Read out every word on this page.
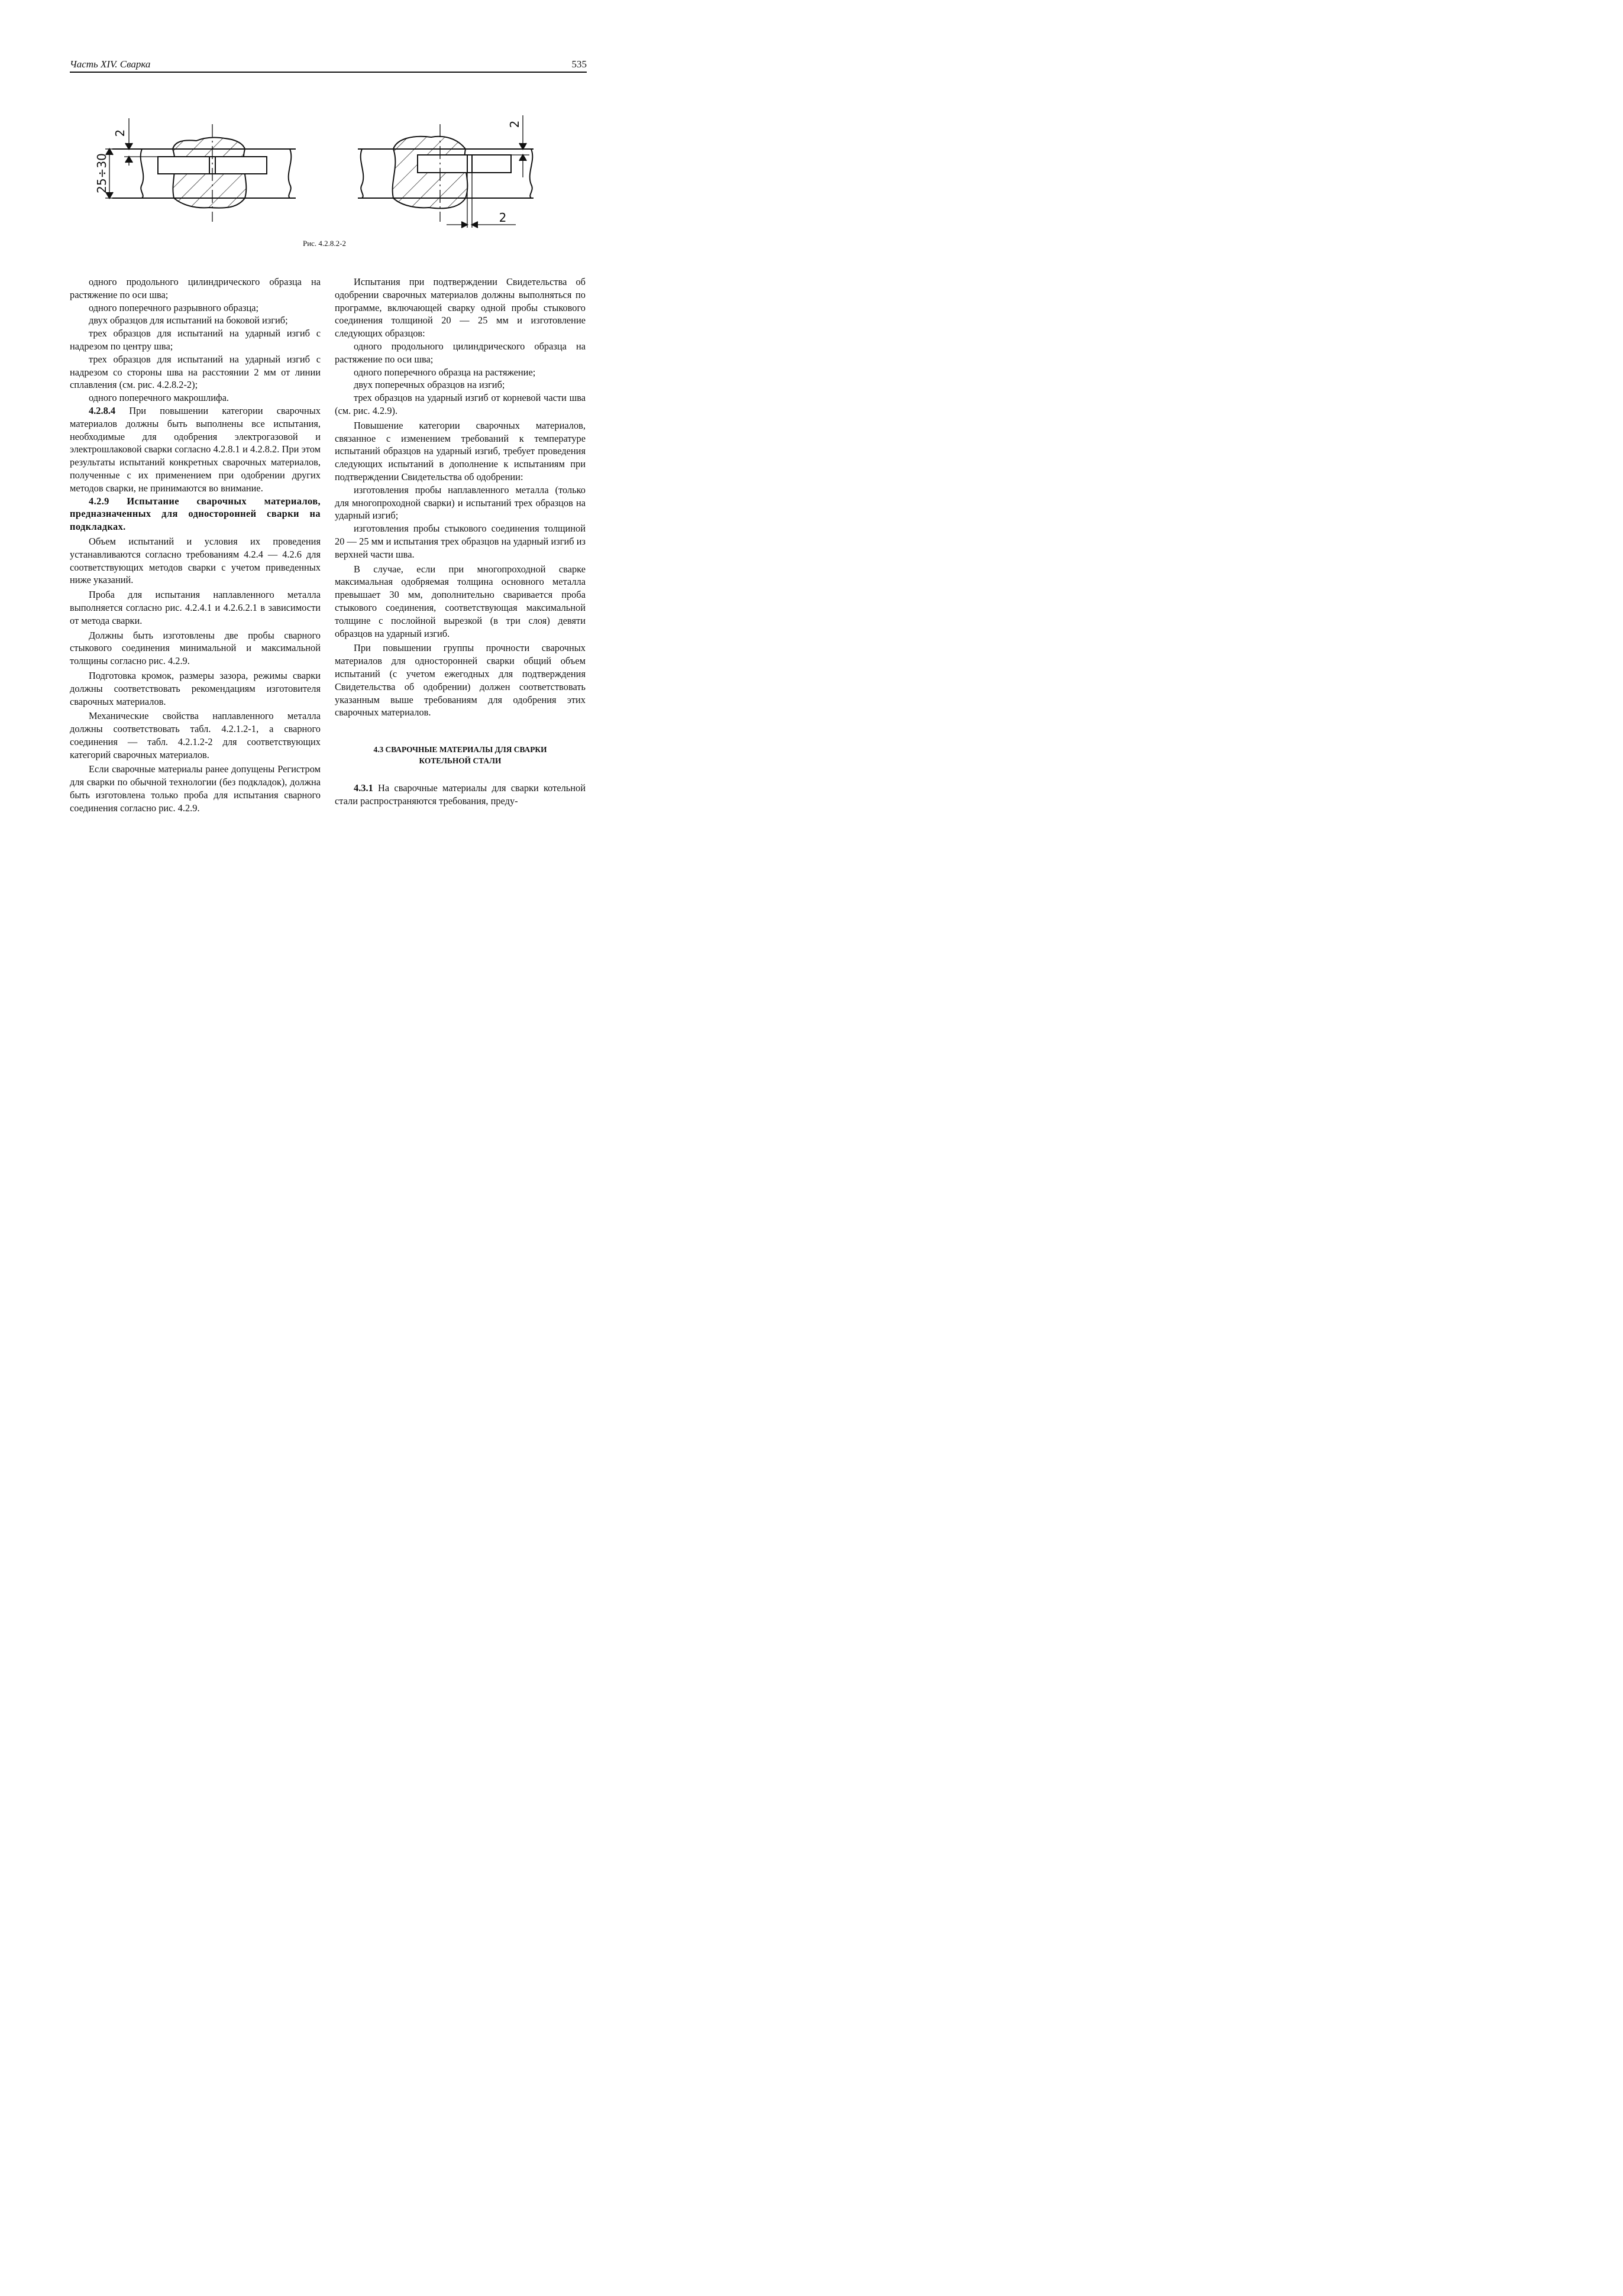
Часть XIV. Сварка	535
2
25÷30
2
2
Рис. 4.2.8.2-2

одного продольного цилиндрического образца на растяжение по оси шва;

одного поперечного разрывного образца;

двух образцов для испытаний на боковой изгиб;

трех образцов для испытаний на ударный изгиб с надрезом по центру шва;

трех образцов для испытаний на ударный изгиб с надрезом со стороны шва на расстоянии 2 мм от линии сплавления (см. рис. 4.2.8.2-2);

одного поперечного макрошлифа.

4.2.8.4 При повышении категории сварочных материалов должны быть выполнены все испытания, необходимые для одобрения электрогазовой и электрошлаковой сварки согласно 4.2.8.1 и 4.2.8.2. При этом результаты испытаний конкретных сварочных материалов, полученные с их применением при одобрении других методов сварки, не принимаются во внимание.

4.2.9 Испытание сварочных материалов, предназначенных для односторонней сварки на подкладках.

Объем испытаний и условия их проведения устанавливаются согласно требованиям 4.2.4 — 4.2.6 для соответствующих методов сварки с учетом приведенных ниже указаний.

Проба для испытания наплавленного металла выполняется согласно рис. 4.2.4.1 и 4.2.6.2.1 в зависимости от метода сварки.

Должны быть изготовлены две пробы сварного стыкового соединения минимальной и максимальной толщины согласно рис. 4.2.9.

Подготовка кромок, размеры зазора, режимы сварки должны соответствовать рекомендациям изготовителя сварочных материалов.

Механические свойства наплавленного металла должны соответствовать табл. 4.2.1.2-1, а сварного соединения — табл. 4.2.1.2-2 для соответствующих категорий сварочных материалов.

Если сварочные материалы ранее допущены Регистром для сварки по обычной технологии (без подкладок), должна быть изготовлена только проба для испытания сварного соединения согласно рис. 4.2.9.

Испытания при подтверждении Свидетельства об одобрении сварочных материалов должны выполняться по программе, включающей сварку одной пробы стыкового соединения толщиной 20 — 25 мм и изготовление следующих образцов:

одного продольного цилиндрического образца на растяжение по оси шва;

одного поперечного образца на растяжение;

двух поперечных образцов на изгиб;

трех образцов на ударный изгиб от корневой части шва (см. рис. 4.2.9).

Повышение категории сварочных материалов, связанное с изменением требований к температуре испытаний образцов на ударный изгиб, требует проведения следующих испытаний в дополнение к испытаниям при подтверждении Свидетельства об одобрении:

изготовления пробы наплавленного металла (только для многопроходной сварки) и испытаний трех образцов на ударный изгиб;

изготовления пробы стыкового соединения толщиной 20 — 25 мм и испытания трех образцов на ударный изгиб из верхней части шва.

В случае, если при многопроходной сварке максимальная одобряемая толщина основного металла превышает 30 мм, дополнительно сваривается проба стыкового соединения, соответствующая максимальной толщине с послойной вырезкой (в три слоя) девяти образцов на ударный изгиб.

При повышении группы прочности сварочных материалов для односторонней сварки общий объем испытаний (с учетом ежегодных для подтверждения Свидетельства об одобрении) должен соответствовать указанным выше требованиям для одобрения этих сварочных материалов.

4.3 СВАРОЧНЫЕ МАТЕРИАЛЫ ДЛЯ СВАРКИ
КОТЕЛЬНОЙ СТАЛИ

4.3.1 На сварочные материалы для сварки котельной стали распространяются требования, преду-
